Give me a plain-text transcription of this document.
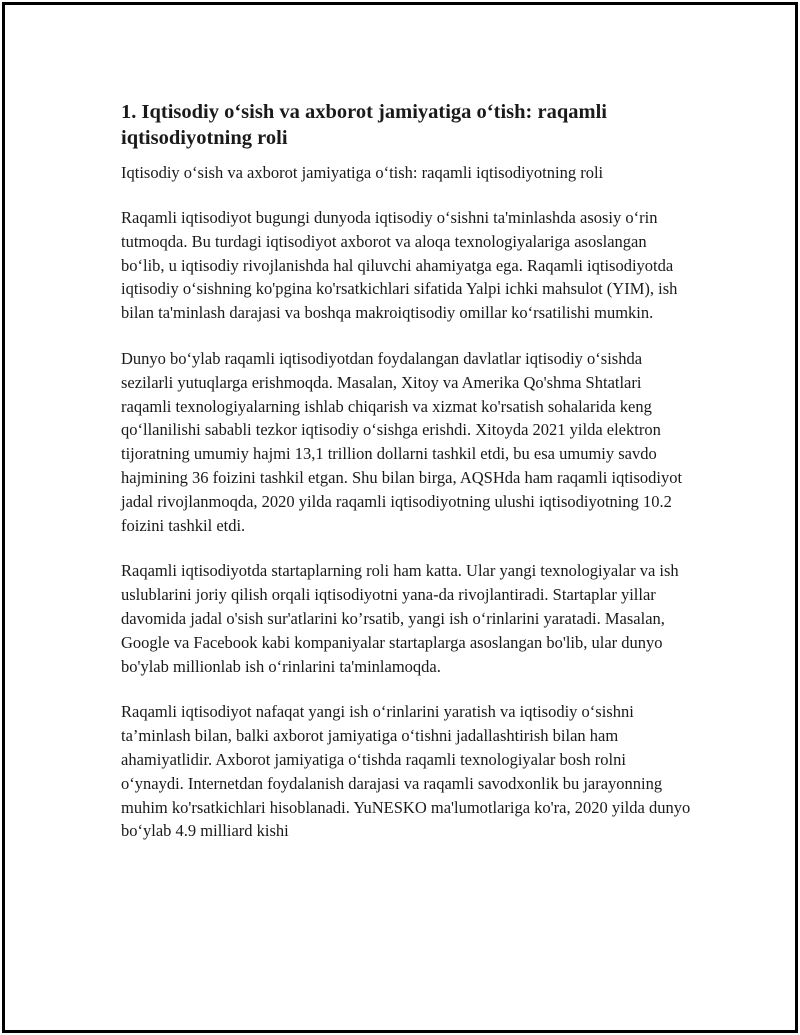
1. Iqtisodiy o‘sish va axborot jamiyatiga o‘tish: raqamli iqtisodiyotning roli
Iqtisodiy o‘sish va axborot jamiyatiga o‘tish: raqamli iqtisodiyotning roli

Raqamli iqtisodiyot bugungi dunyoda iqtisodiy o‘sishni ta'minlashda asosiy o‘rin tutmoqda. Bu turdagi iqtisodiyot axborot va aloqa texnologiyalariga asoslangan bo‘lib, u iqtisodiy rivojlanishda hal qiluvchi ahamiyatga ega. Raqamli iqtisodiyotda iqtisodiy o‘sishning ko'pgina ko'rsatkichlari sifatida Yalpi ichki mahsulot (YIM), ish bilan ta'minlash darajasi va boshqa makroiqtisodiy omillar ko‘rsatilishi mumkin.

Dunyo bo‘ylab raqamli iqtisodiyotdan foydalangan davlatlar iqtisodiy o‘sishda sezilarli yutuqlarga erishmoqda. Masalan, Xitoy va Amerika Qo'shma Shtatlari raqamli texnologiyalarning ishlab chiqarish va xizmat ko'rsatish sohalarida keng qo‘llanilishi sababli tezkor iqtisodiy o‘sishga erishdi. Xitoyda 2021 yilda elektron tijoratning umumiy hajmi 13,1 trillion dollarni tashkil etdi, bu esa umumiy savdo hajmining 36 foizini tashkil etgan. Shu bilan birga, AQSHda ham raqamli iqtisodiyot jadal rivojlanmoqda, 2020 yilda raqamli iqtisodiyotning ulushi iqtisodiyotning 10.2 foizini tashkil etdi.

Raqamli iqtisodiyotda startaplarning roli ham katta. Ular yangi texnologiyalar va ish uslublarini joriy qilish orqali iqtisodiyotni yana-da rivojlantiradi. Startaplar yillar davomida jadal o'sish sur'atlarini ko’rsatib, yangi ish o‘rinlarini yaratadi. Masalan, Google va Facebook kabi kompaniyalar startaplarga asoslangan bo'lib, ular dunyo bo'ylab millionlab ish o‘rinlarini ta'minlamoqda.

Raqamli iqtisodiyot nafaqat yangi ish o‘rinlarini yaratish va iqtisodiy o‘sishni ta’minlash bilan, balki axborot jamiyatiga o‘tishni jadallashtirish bilan ham ahamiyatlidir. Axborot jamiyatiga o‘tishda raqamli texnologiyalar bosh rolni o‘ynaydi. Internetdan foydalanish darajasi va raqamli savodxonlik bu jarayonning muhim ko'rsatkichlari hisoblanadi. YuNESKO ma'lumotlariga ko'ra, 2020 yilda dunyo bo‘ylab 4.9 milliard kishi
